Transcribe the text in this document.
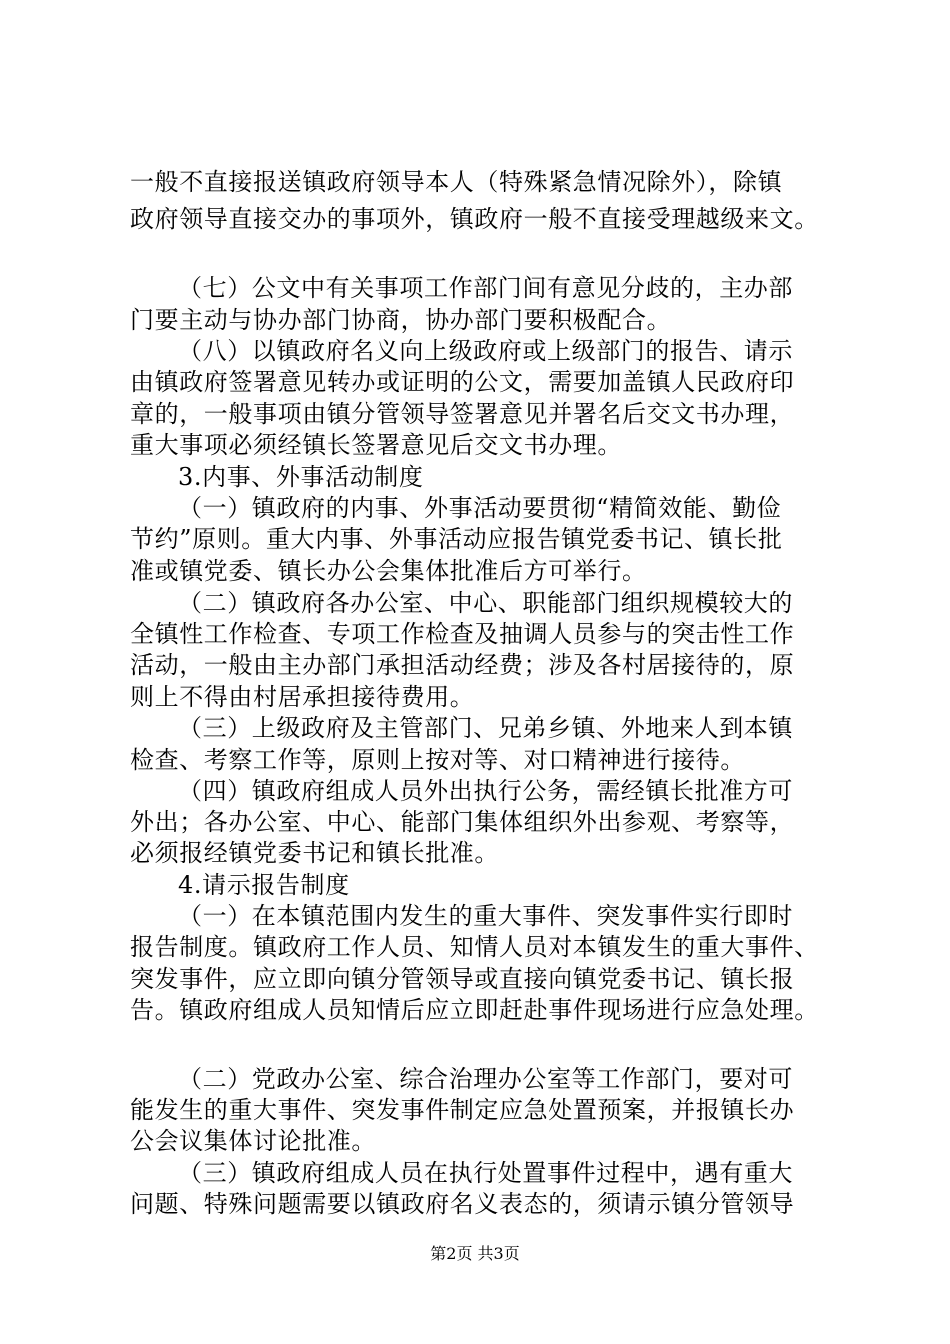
一般不直接报送镇政府领导本人（特殊紧急情况除外），除镇
政府领导直接交办的事项外，镇政府一般不直接受理越级来文。
（七）公文中有关事项工作部门间有意见分歧的，主办部
门要主动与协办部门协商，协办部门要积极配合。
（八）以镇政府名义向上级政府或上级部门的报告、请示
由镇政府签署意见转办或证明的公文，需要加盖镇人民政府印
章的，一般事项由镇分管领导签署意见并署名后交文书办理，
重大事项必须经镇长签署意见后交文书办理。
3.内事、外事活动制度
（一）镇政府的内事、外事活动要贯彻“精简效能、勤俭
节约”原则。重大内事、外事活动应报告镇党委书记、镇长批
准或镇党委、镇长办公会集体批准后方可举行。
（二）镇政府各办公室、中心、职能部门组织规模较大的
全镇性工作检查、专项工作检查及抽调人员参与的突击性工作
活动，一般由主办部门承担活动经费；涉及各村居接待的，原
则上不得由村居承担接待费用。
（三）上级政府及主管部门、兄弟乡镇、外地来人到本镇
检查、考察工作等，原则上按对等、对口精神进行接待。
（四）镇政府组成人员外出执行公务，需经镇长批准方可
外出；各办公室、中心、能部门集体组织外出参观、考察等，
必须报经镇党委书记和镇长批准。
4.请示报告制度
（一）在本镇范围内发生的重大事件、突发事件实行即时
报告制度。镇政府工作人员、知情人员对本镇发生的重大事件、
突发事件，应立即向镇分管领导或直接向镇党委书记、镇长报
告。镇政府组成人员知情后应立即赶赴事件现场进行应急处理。
（二）党政办公室、综合治理办公室等工作部门，要对可
能发生的重大事件、突发事件制定应急处置预案，并报镇长办
公会议集体讨论批准。
（三）镇政府组成人员在执行处置事件过程中，遇有重大
问题、特殊问题需要以镇政府名义表态的，须请示镇分管领导
第2页 共3页
